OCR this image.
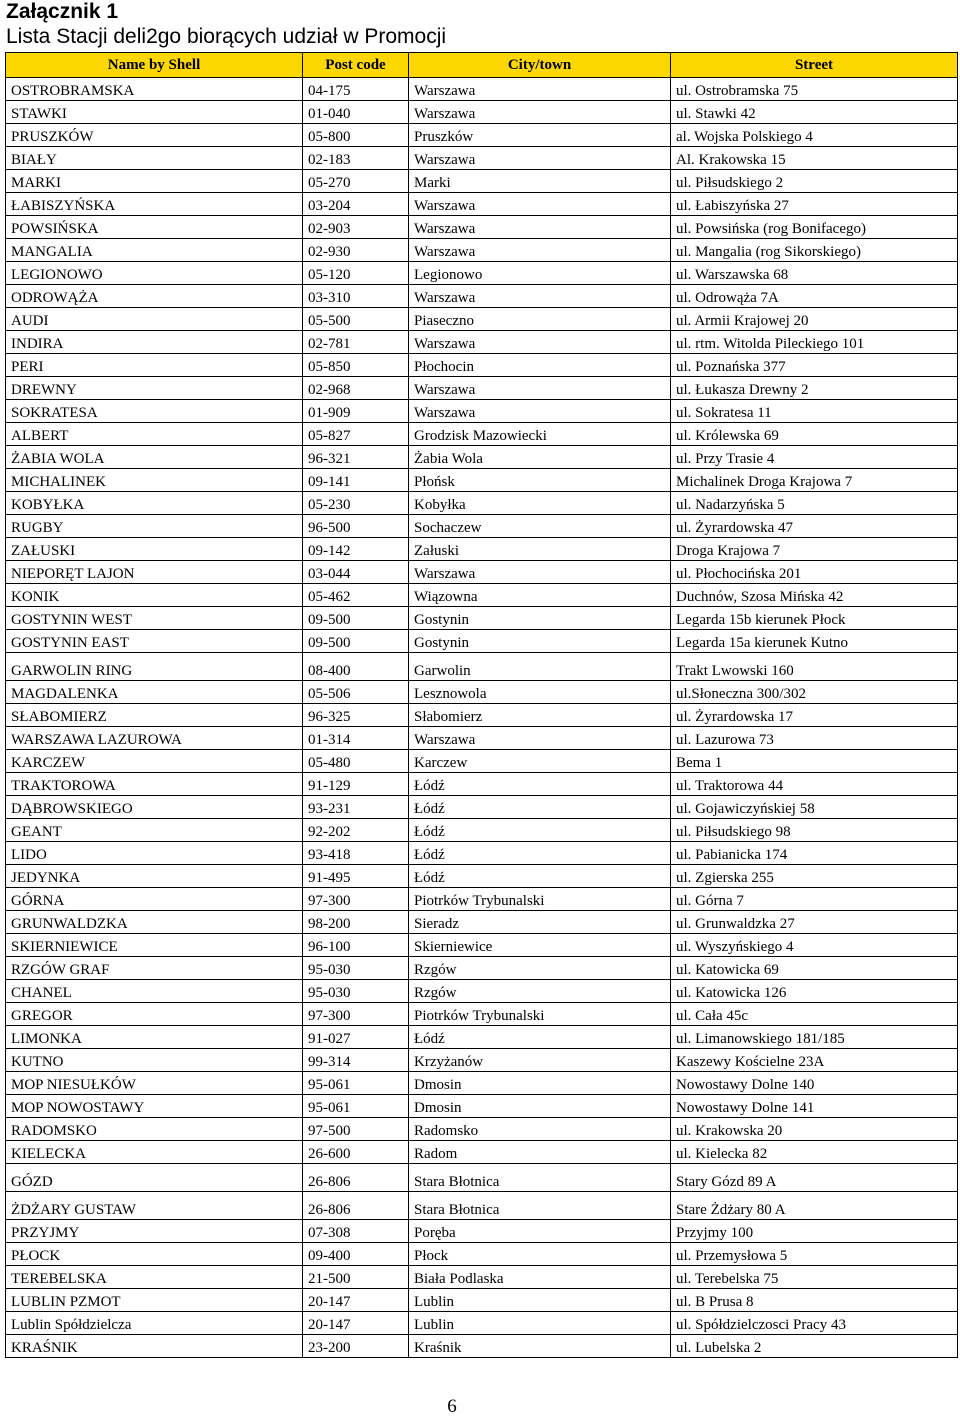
Załącznik 1
Lista Stacji deli2go biorących udział w Promocji
Name by Shell	Post code	City/town	Street
OSTROBRAMSKA	04-175	Warszawa	ul. Ostrobramska 75
STAWKI	01-040	Warszawa	ul. Stawki 42
PRUSZKÓW	05-800	Pruszków	al. Wojska Polskiego 4
BIAŁY	02-183	Warszawa	Al. Krakowska 15
MARKI	05-270	Marki	ul. Piłsudskiego 2
ŁABISZYŃSKA	03-204	Warszawa	ul. Łabiszyńska 27
POWSIŃSKA	02-903	Warszawa	ul. Powsińska (rog Bonifacego)
MANGALIA	02-930	Warszawa	ul. Mangalia (rog Sikorskiego)
LEGIONOWO	05-120	Legionowo	ul. Warszawska 68
ODROWĄŻA	03-310	Warszawa	ul. Odrowąża 7A
AUDI	05-500	Piaseczno	ul. Armii Krajowej 20
INDIRA	02-781	Warszawa	ul. rtm. Witolda Pileckiego 101
PERI	05-850	Płochocin	ul. Poznańska 377
DREWNY	02-968	Warszawa	ul. Łukasza Drewny 2
SOKRATESA	01-909	Warszawa	ul. Sokratesa 11
ALBERT	05-827	Grodzisk Mazowiecki	ul. Królewska 69
ŻABIA WOLA	96-321	Żabia Wola	ul. Przy Trasie 4
MICHALINEK	09-141	Płońsk	Michalinek Droga Krajowa 7
KOBYŁKA	05-230	Kobyłka	ul. Nadarzyńska 5
RUGBY	96-500	Sochaczew	ul. Żyrardowska 47
ZAŁUSKI	09-142	Załuski	Droga Krajowa 7
NIEPORĘT LAJON	03-044	Warszawa	ul. Płochocińska 201
KONIK	05-462	Wiązowna	Duchnów, Szosa Mińska 42
GOSTYNIN WEST	09-500	Gostynin	Legarda 15b kierunek Płock
GOSTYNIN EAST	09-500	Gostynin	Legarda 15a kierunek Kutno
GARWOLIN RING	08-400	Garwolin	Trakt Lwowski 160
MAGDALENKA	05-506	Lesznowola	ul.Słoneczna 300/302
SŁABOMIERZ	96-325	Słabomierz	ul. Żyrardowska 17
WARSZAWA LAZUROWA	01-314	Warszawa	ul. Lazurowa 73
KARCZEW	05-480	Karczew	Bema 1
TRAKTOROWA	91-129	Łódź	ul. Traktorowa 44
DĄBROWSKIEGO	93-231	Łódź	ul. Gojawiczyńskiej 58
GEANT	92-202	Łódź	ul. Piłsudskiego 98
LIDO	93-418	Łódź	ul. Pabianicka 174
JEDYNKA	91-495	Łódź	ul. Zgierska 255
GÓRNA	97-300	Piotrków Trybunalski	ul. Górna 7
GRUNWALDZKA	98-200	Sieradz	ul. Grunwaldzka 27
SKIERNIEWICE	96-100	Skierniewice	ul. Wyszyńskiego 4
RZGÓW GRAF	95-030	Rzgów	ul. Katowicka 69
CHANEL	95-030	Rzgów	ul. Katowicka 126
GREGOR	97-300	Piotrków Trybunalski	ul. Cała 45c
LIMONKA	91-027	Łódź	ul. Limanowskiego 181/185
KUTNO	99-314	Krzyżanów	Kaszewy Kościelne 23A
MOP NIESUŁKÓW	95-061	Dmosin	Nowostawy Dolne 140
MOP NOWOSTAWY	95-061	Dmosin	Nowostawy Dolne 141
RADOMSKO	97-500	Radomsko	ul. Krakowska 20
KIELECKA	26-600	Radom	ul. Kielecka 82
GÓZD	26-806	Stara Błotnica	Stary Gózd 89 A
ŻDŻARY GUSTAW	26-806	Stara Błotnica	Stare Żdżary 80 A
PRZYJMY	07-308	Poręba	Przyjmy 100
PŁOCK	09-400	Płock	ul. Przemysłowa 5
TEREBELSKA	21-500	Biała Podlaska	ul. Terebelska 75
LUBLIN PZMOT	20-147	Lublin	ul. B Prusa 8
Lublin Spółdzielcza	20-147	Lublin	ul. Spółdzielczosci Pracy 43
KRAŚNIK	23-200	Kraśnik	ul. Lubelska 2
6
